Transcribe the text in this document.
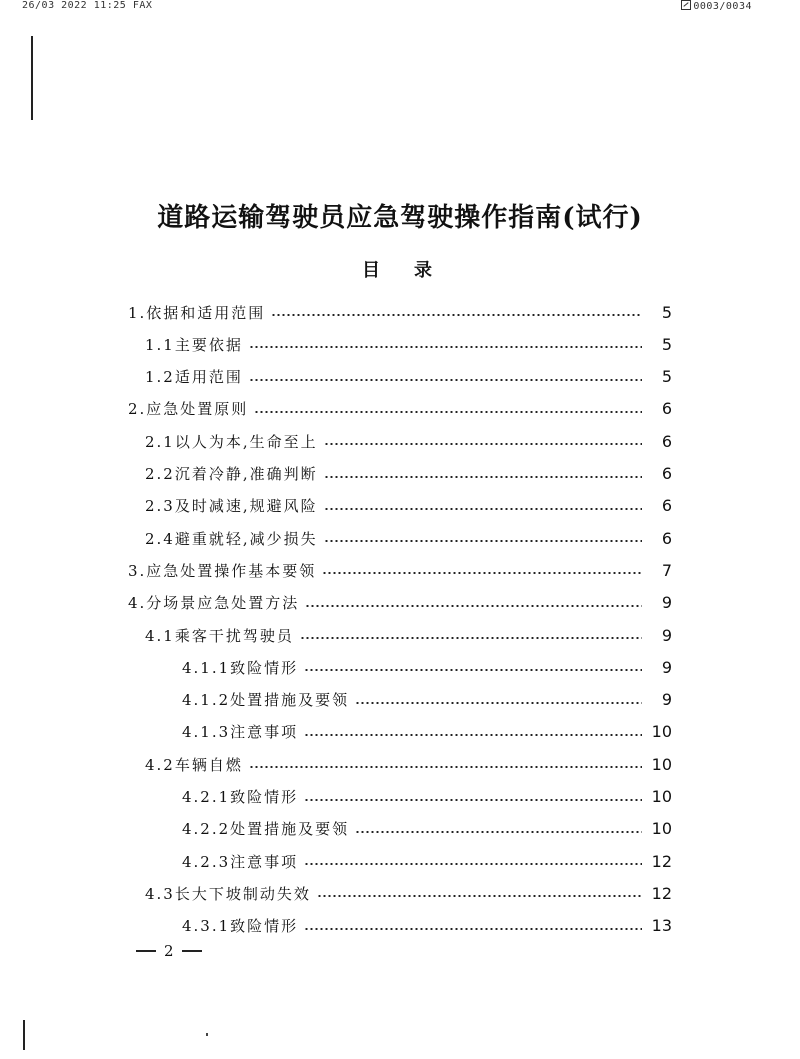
26/03 2022 11:25 FAX	0003/0034
道路运输驾驶员应急驾驶操作指南(试行)
目录
1.依据和适用范围	5
1.1主要依据	5
1.2适用范围	5
2.应急处置原则	6
2.1以人为本,生命至上	6
2.2沉着冷静,准确判断	6
2.3及时减速,规避风险	6
2.4避重就轻,减少损失	6
3.应急处置操作基本要领	7
4.分场景应急处置方法	9
4.1乘客干扰驾驶员	9
4.1.1致险情形	9
4.1.2处置措施及要领	9
4.1.3注意事项	10
4.2车辆自燃	10
4.2.1致险情形	10
4.2.2处置措施及要领	10
4.2.3注意事项	12
4.3长大下坡制动失效	12
4.3.1致险情形	13
2
